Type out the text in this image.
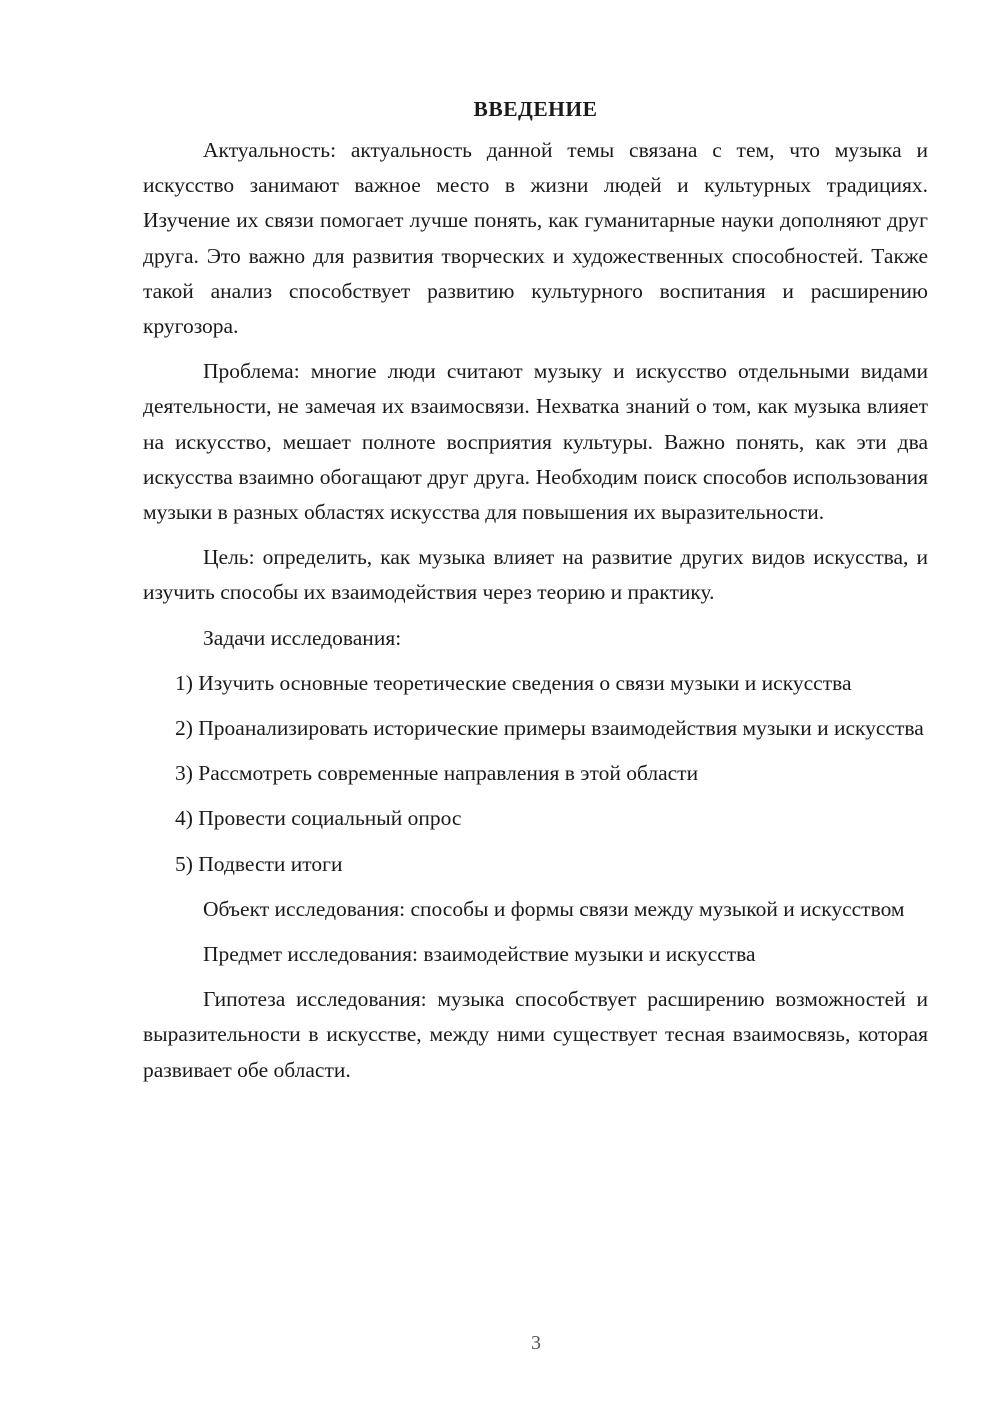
ВВЕДЕНИЕ

Актуальность: актуальность данной темы связана с тем, что музыка и искусство занимают важное место в жизни людей и культурных традициях. Изучение их связи помогает лучше понять, как гуманитарные науки дополняют друг друга. Это важно для развития творческих и художественных способностей. Также такой анализ способствует развитию культурного воспитания и расширению кругозора.

Проблема: многие люди считают музыку и искусство отдельными видами деятельности, не замечая их взаимосвязи. Нехватка знаний о том, как музыка влияет на искусство, мешает полноте восприятия культуры. Важно понять, как эти два искусства взаимно обогащают друг друга. Необходим поиск способов использования музыки в разных областях искусства для повышения их выразительности.

Цель: определить, как музыка влияет на развитие других видов искусства, и изучить способы их взаимодействия через теорию и практику.

Задачи исследования:

1) Изучить основные теоретические сведения о связи музыки и искусства

2) Проанализировать исторические примеры взаимодействия музыки и искусства

3) Рассмотреть современные направления в этой области

4) Провести социальный опрос

5) Подвести итоги

Объект исследования: способы и формы связи между музыкой и искусством

Предмет исследования: взаимодействие музыки и искусства

Гипотеза исследования: музыка способствует расширению возможностей и выразительности в искусстве, между ними существует тесная взаимосвязь, которая развивает обе области.

3
